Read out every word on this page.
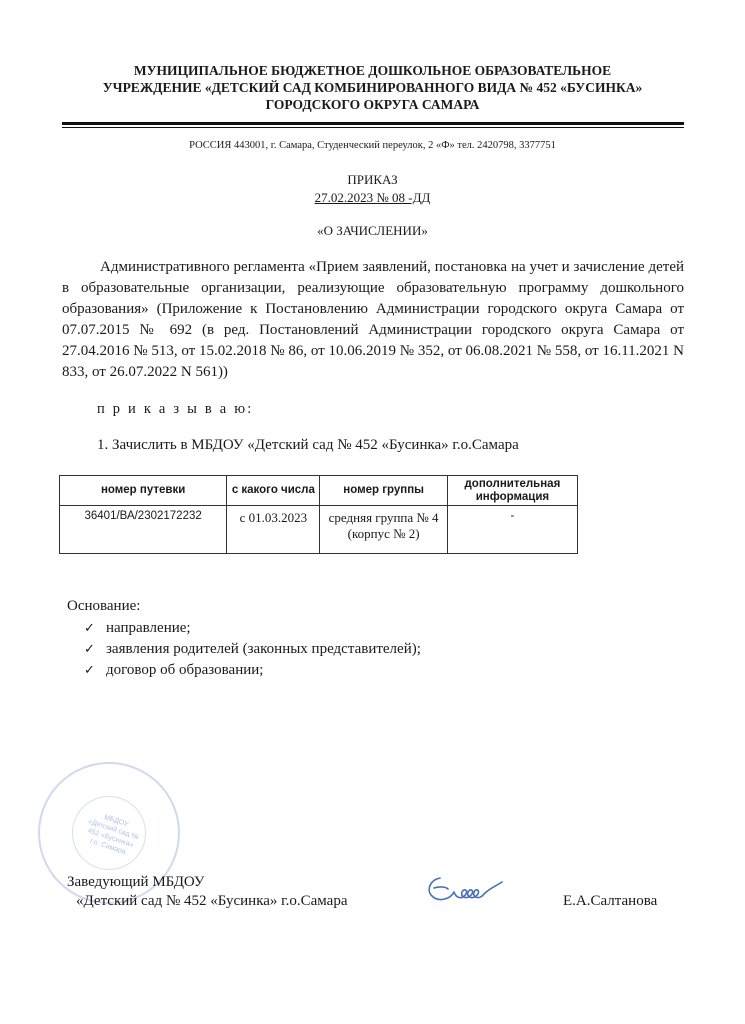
МУНИЦИПАЛЬНОЕ БЮДЖЕТНОЕ ДОШКОЛЬНОЕ ОБРАЗОВАТЕЛЬНОЕ
УЧРЕЖДЕНИЕ «ДЕТСКИЙ САД КОМБИНИРОВАННОГО ВИДА № 452 «БУСИНКА»
ГОРОДСКОГО ОКРУГА САМАРА
РОССИЯ 443001, г. Самара, Студенческий переулок, 2 «Ф» тел. 2420798, 3377751
ПРИКАЗ
27.02.2023 № 08 -ДД
«О ЗАЧИСЛЕНИИ»

Административного регламента «Прием заявлений, постановка на учет и зачисление детей в образовательные организации, реализующие образовательную программу дошкольного образования» (Приложение к Постановлению Администрации городского округа Самара от 07.07.2015 № 692 (в ред. Постановлений Администрации городского округа Самара от 27.04.2016 № 513, от 15.02.2018 № 86, от 10.06.2019 № 352, от 06.08.2021 № 558, от 16.11.2021 N 833, от 26.07.2022 N 561))

п р и к а з ы в а ю:
1. Зачислить в МБДОУ «Детский сад № 452 «Бусинка» г.о.Самара
номер путевки	с какого числа	номер группы	дополнительная информация
36401/ВА/2302172232	с 01.03.2023	средняя группа № 4 (корпус № 2)	-
Основание:
✓ направление;
✓ заявления родителей (законных представителей);
✓ договор об образовании;
МБДОУ «Детский сад № 452 «Бусинка» г.о. Самара
Заведующий МБДОУ
«Детский сад № 452 «Бусинка» г.о.Самара	Е.А.Салтанова
